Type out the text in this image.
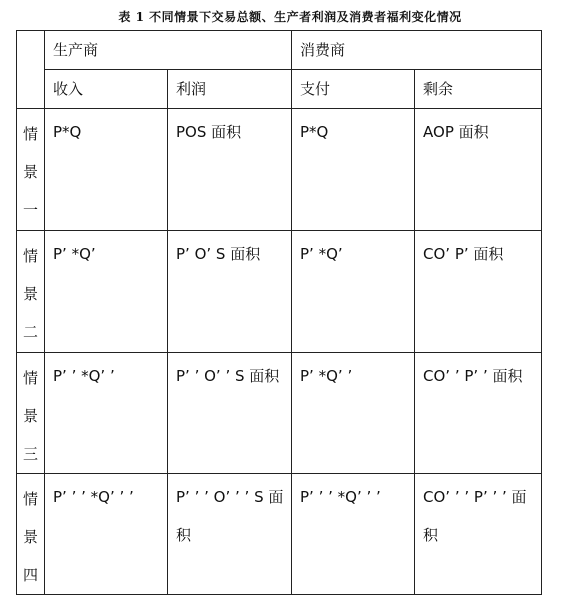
表 1 不同情景下交易总额、生产者利润及消费者福利变化情况
	生产商		消费商	
	收入	利润	支付	剩余
情景一	P*Q	POS 面积	P*Q	AOP 面积

情景二	P’ *Q’	P’ O’ S 面积	P’ *Q’	CO’ P’ 面积

情景三	P’ ’ *Q’ ’	P’ ’ O’ ’ S 面积	P’ *Q’ ’	CO’ ’ P’ ’ 面积

情景四	P’ ’ ’ *Q’ ’ ’	P’ ’ ’ O’ ’ ’ S 面积	P’ ’ ’ *Q’ ’ ’	CO’ ’ ’ P’ ’ ’ 面积
